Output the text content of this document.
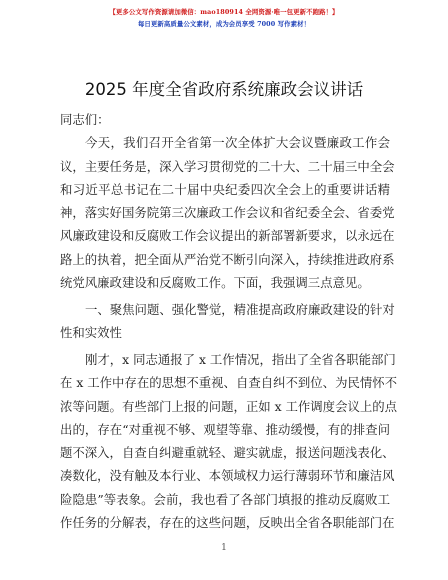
【更多公文写作资源请加微信：mao180914 全网资源·唯一包更新不跑路！】
每日更新高质量公文素材，成为会员享受 7000 写作素材！
2025 年度全省政府系统廉政会议讲话
同志们：
今天，我们召开全省第一次全体扩大会议暨廉政工作会
议，主要任务是，深入学习贯彻党的二十大、二十届三中全会
和习近平总书记在二十届中央纪委四次全会上的重要讲话精
神，落实好国务院第三次廉政工作会议和省纪委全会、省委党
风廉政建设和反腐败工作会议提出的新部署新要求，以永远在
路上的执着，把全面从严治党不断引向深入，持续推进政府系
统党风廉政建设和反腐败工作。下面，我强调三点意见。
一、聚焦问题、强化警觉，精准提高政府廉政建设的针对
性和实效性
刚才，x 同志通报了 x 工作情况，指出了全省各职能部门
在 x 工作中存在的思想不重视、自查自纠不到位、为民情怀不
浓等问题。有些部门上报的问题，正如 x 工作调度会议上的点
出的，存在“对重视不够、观望等靠、推动缓慢，有的排查问
题不深入，自查自纠避重就轻、避实就虚，报送问题浅表化、
凑数化，没有触及本行业、本领域权力运行薄弱环节和廉洁风
险隐患”等表象。会前，我也看了各部门填报的推动反腐败工
作任务的分解表，存在的这些问题，反映出全省各职能部门在
1
